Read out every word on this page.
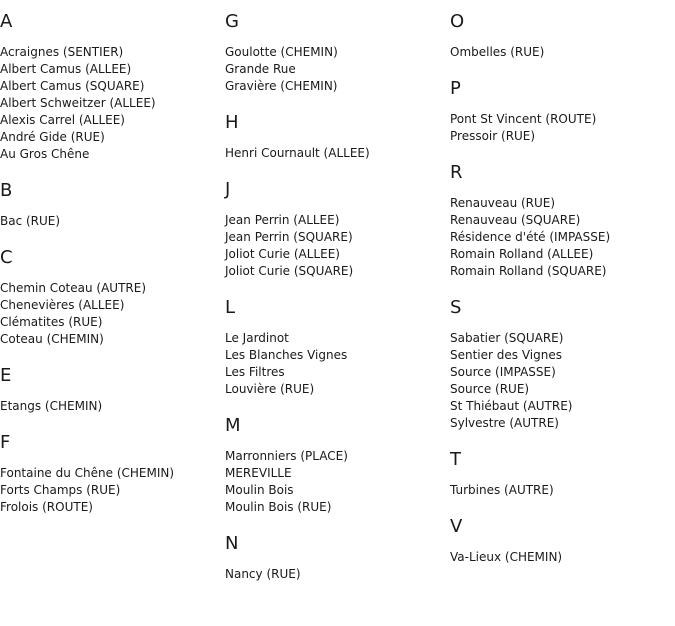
A
Acraignes (SENTIER)
Albert Camus (ALLEE)
Albert Camus (SQUARE)
Albert Schweitzer (ALLEE)
Alexis Carrel (ALLEE)
André Gide (RUE)
Au Gros Chêne
B
Bac (RUE)
C
Chemin Coteau (AUTRE)
Chenevières (ALLEE)
Clématites (RUE)
Coteau (CHEMIN)
E
Etangs (CHEMIN)
F
Fontaine du Chêne (CHEMIN)
Forts Champs (RUE)
Frolois (ROUTE)
G
Goulotte (CHEMIN)
Grande Rue
Gravière (CHEMIN)
H
Henri Cournault (ALLEE)
J
Jean Perrin (ALLEE)
Jean Perrin (SQUARE)
Joliot Curie (ALLEE)
Joliot Curie (SQUARE)
L
Le Jardinot
Les Blanches Vignes
Les Filtres
Louvière (RUE)
M
Marronniers (PLACE)
MEREVILLE
Moulin Bois
Moulin Bois (RUE)
N
Nancy (RUE)
O
Ombelles (RUE)
P
Pont St Vincent (ROUTE)
Pressoir (RUE)
R
Renauveau (RUE)
Renauveau (SQUARE)
Résidence d'été (IMPASSE)
Romain Rolland (ALLEE)
Romain Rolland (SQUARE)
S
Sabatier (SQUARE)
Sentier des Vignes
Source (IMPASSE)
Source (RUE)
St Thiébaut (AUTRE)
Sylvestre (AUTRE)
T
Turbines (AUTRE)
V
Va-Lieux (CHEMIN)
